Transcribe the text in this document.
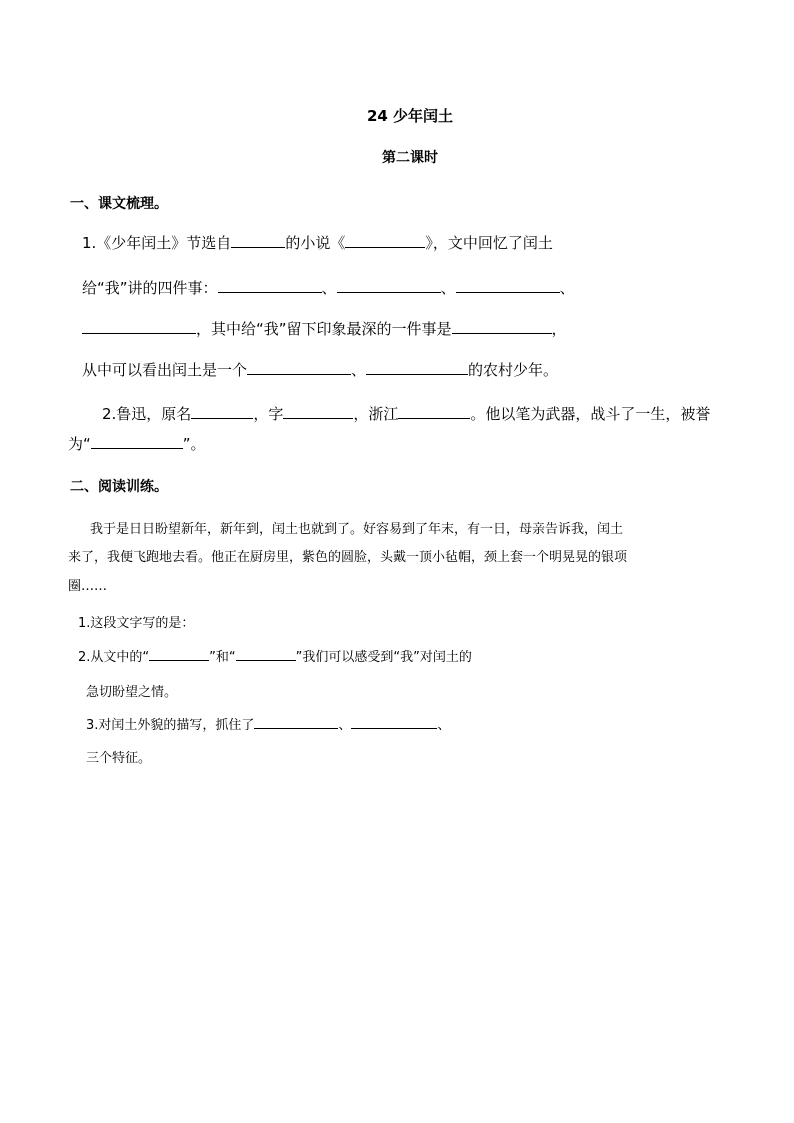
24 少年闰土
第二课时
一、课文梳理。
1.《少年闰土》节选自	的小说《	》，文中回忆了闰土
给“我”讲的四件事：	、	、	、
，其中给“我”留下印象最深的一件事是	，
从中可以看出闰土是一个	、	的农村少年。
2.鲁迅，原名	，字	，浙江	。他以笔为武器，战斗了一生，被誉
为“	”。
二、阅读训练。
我于是日日盼望新年，新年到，闰土也就到了。好容易到了年末，有一日，母亲告诉我，闰土
来了，我便飞跑地去看。他正在厨房里，紫色的圆脸，头戴一顶小毡帽，颈上套一个明晃晃的银项
圈……
1.这段文字写的是：
2.从文中的“	”和“	”我们可以感受到“我”对闰土的
急切盼望之情。
3.对闰土外貌的描写，抓住了	、	、
三个特征。
